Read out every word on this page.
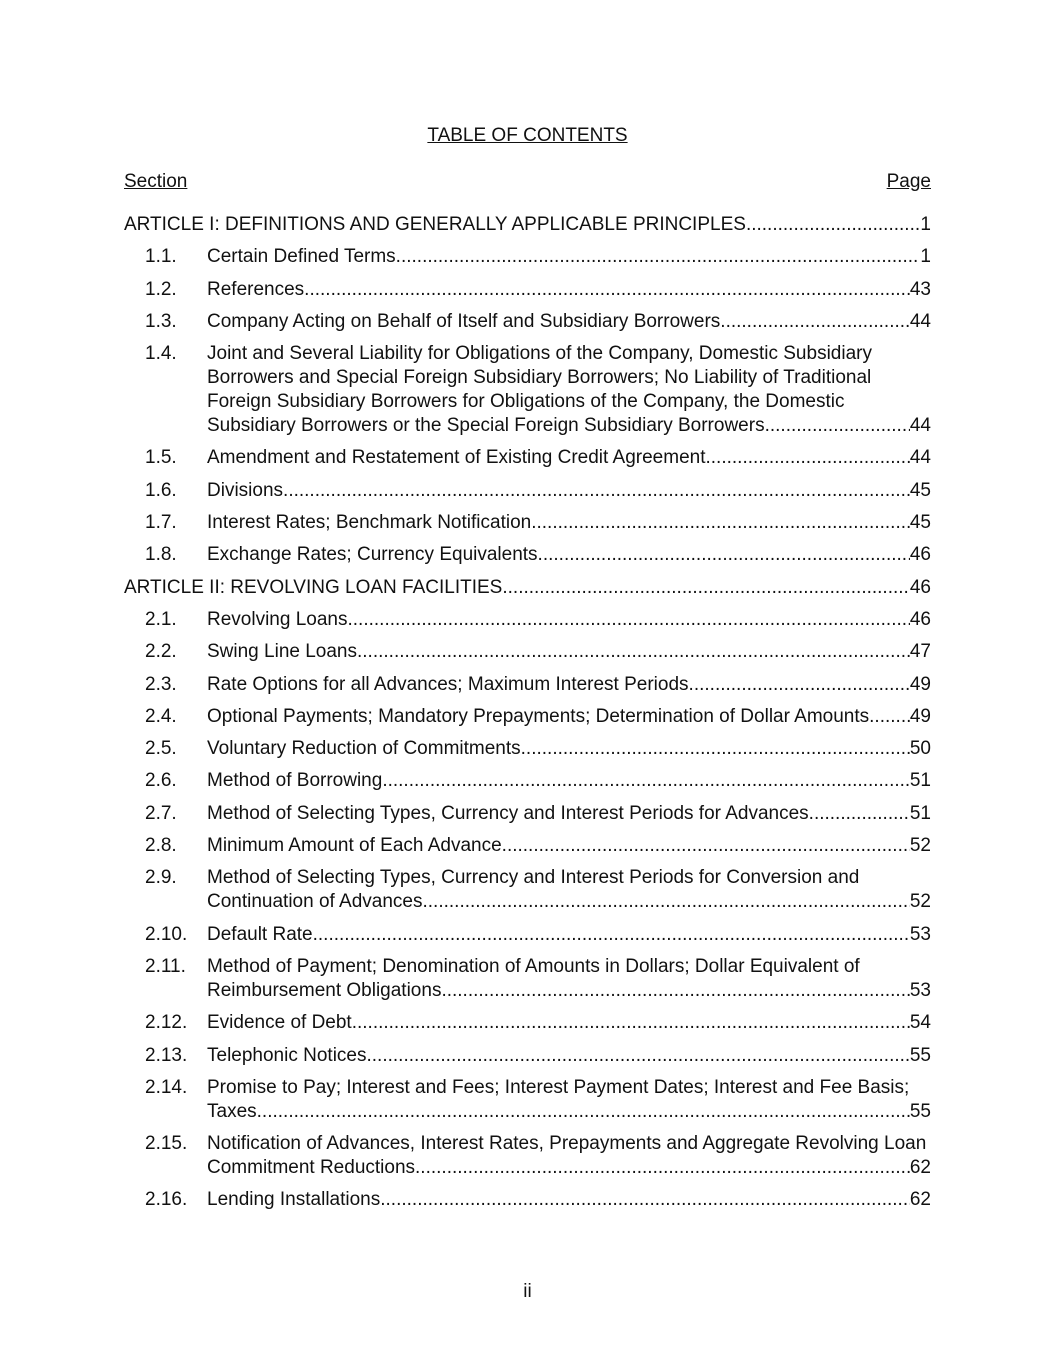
TABLE OF CONTENTS
Section	Page
ARTICLE I: DEFINITIONS AND GENERALLY APPLICABLE PRINCIPLES .....	1
1.1. Certain Defined Terms. .....	1
1.2. References. .....	43
1.3. Company Acting on Behalf of Itself and Subsidiary Borrowers. .....	44
1.4. Joint and Several Liability for Obligations of the Company, Domestic Subsidiary
Borrowers and Special Foreign Subsidiary Borrowers; No Liability of Traditional
Foreign Subsidiary Borrowers for Obligations of the Company, the Domestic
Subsidiary Borrowers or the Special Foreign Subsidiary Borrowers. .....	44
1.5. Amendment and Restatement of Existing Credit Agreement. .....	44
1.6. Divisions. .....	45
1.7. Interest Rates; Benchmark Notification. .....	45
1.8. Exchange Rates; Currency Equivalents. .....	46
ARTICLE II: REVOLVING LOAN FACILITIES .....	46
2.1. Revolving Loans. .....	46
2.2. Swing Line Loans. .....	47
2.3. Rate Options for all Advances; Maximum Interest Periods. .....	49
2.4. Optional Payments; Mandatory Prepayments; Determination of Dollar Amounts. ..... 49
2.5. Voluntary Reduction of Commitments. .....	50
2.6. Method of Borrowing. .....	51
2.7. Method of Selecting Types, Currency and Interest Periods for Advances. .....	51
2.8. Minimum Amount of Each Advance. .....	52
2.9. Method of Selecting Types, Currency and Interest Periods for Conversion and
Continuation of Advances. .....	52
2.10. Default Rate.. .....	53
2.11. Method of Payment; Denomination of Amounts in Dollars; Dollar Equivalent of
Reimbursement Obligations. .....	53
2.12. Evidence of Debt. .....	54
2.13. Telephonic Notices. .....	55
2.14. Promise to Pay; Interest and Fees; Interest Payment Dates; Interest and Fee Basis;
Taxes. .....	55
2.15. Notification of Advances, Interest Rates, Prepayments and Aggregate Revolving Loan
Commitment Reductions. .....	62
2.16. Lending Installations. .....	62
ii
